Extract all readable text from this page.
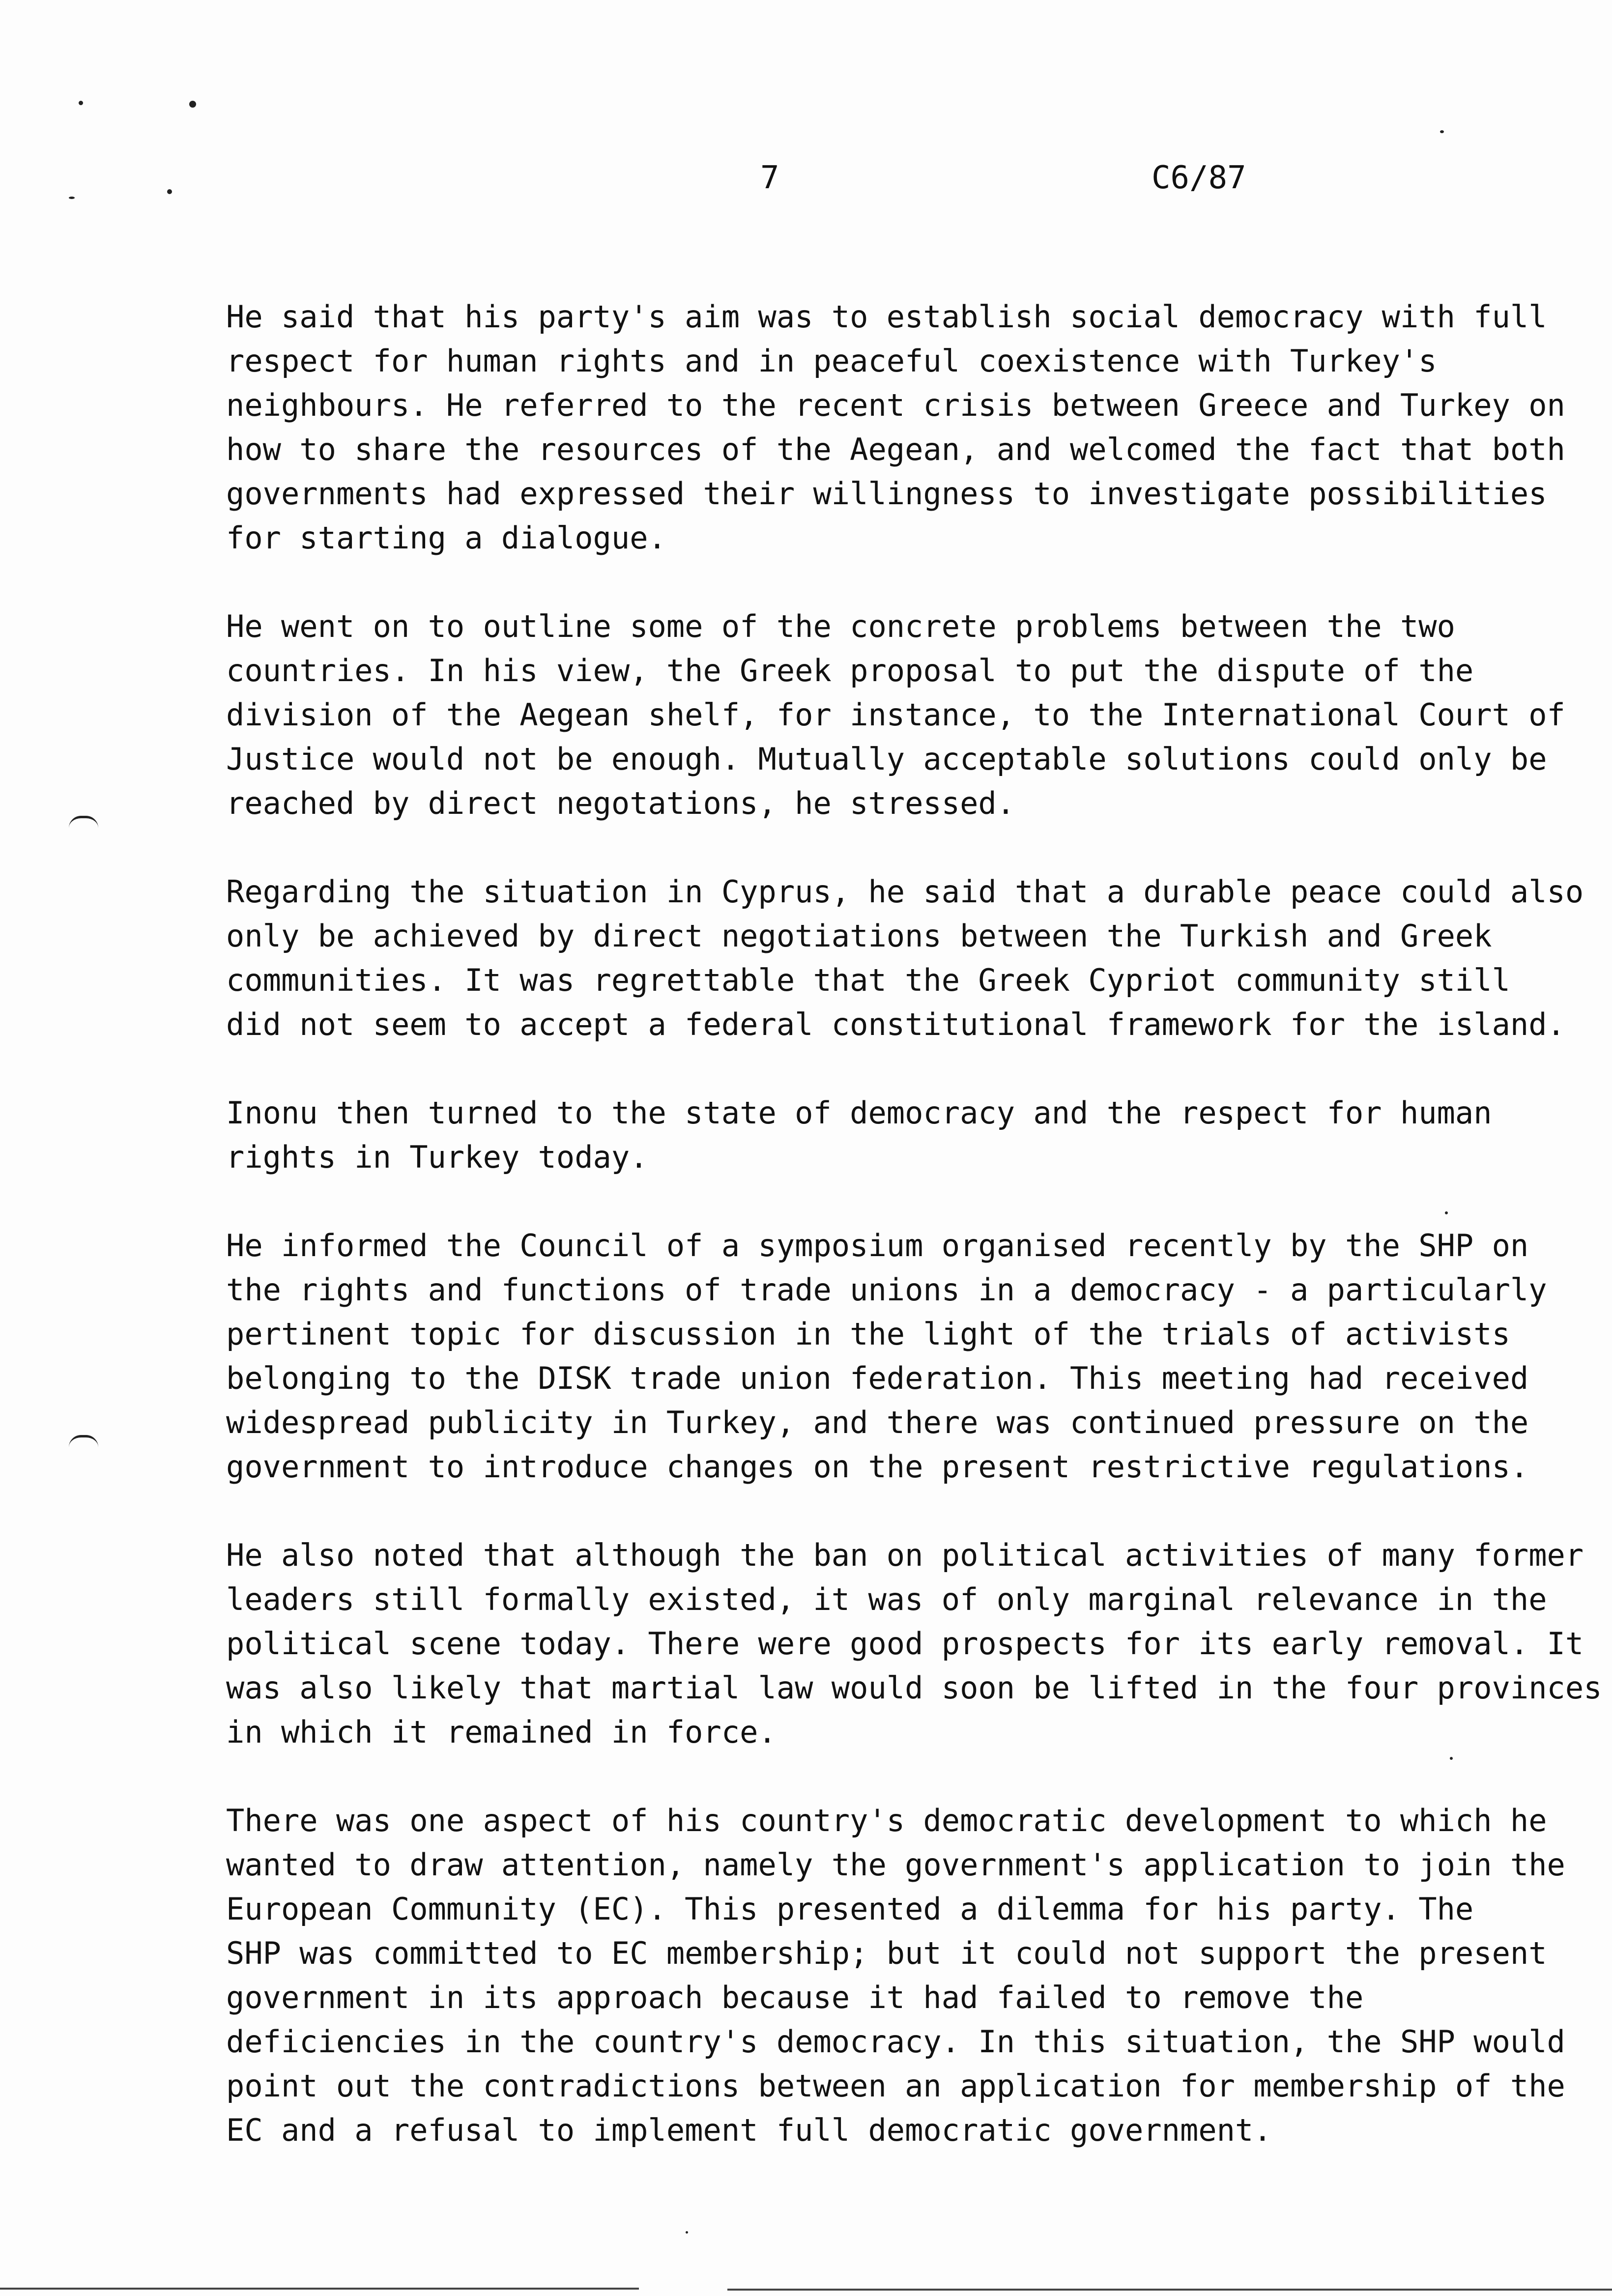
7	C6/87

He said that his party's aim was to establish social democracy with full
respect for human rights and in peaceful coexistence with Turkey's
neighbours. He referred to the recent crisis between Greece and Turkey on
how to share the resources of the Aegean, and welcomed the fact that both
governments had expressed their willingness to investigate possibilities
for starting a dialogue.

He went on to outline some of the concrete problems between the two
countries. In his view, the Greek proposal to put the dispute of the
division of the Aegean shelf, for instance, to the International Court of
Justice would not be enough. Mutually acceptable solutions could only be
reached by direct negotations, he stressed.

Regarding the situation in Cyprus, he said that a durable peace could also
only be achieved by direct negotiations between the Turkish and Greek
communities. It was regrettable that the Greek Cypriot community still
did not seem to accept a federal constitutional framework for the island.

Inonu then turned to the state of democracy and the respect for human
rights in Turkey today.

He informed the Council of a symposium organised recently by the SHP on
the rights and functions of trade unions in a democracy - a particularly
pertinent topic for discussion in the light of the trials of activists
belonging to the DISK trade union federation. This meeting had received
widespread publicity in Turkey, and there was continued pressure on the
government to introduce changes on the present restrictive regulations.

He also noted that although the ban on political activities of many former
leaders still formally existed, it was of only marginal relevance in the
political scene today. There were good prospects for its early removal. It
was also likely that martial law would soon be lifted in the four provinces
in which it remained in force.

There was one aspect of his country's democratic development to which he
wanted to draw attention, namely the government's application to join the
European Community (EC). This presented a dilemma for his party. The
SHP was committed to EC membership; but it could not support the present
government in its approach because it had failed to remove the
deficiencies in the country's democracy. In this situation, the SHP would
point out the contradictions between an application for membership of the
EC and a refusal to implement full democratic government.
